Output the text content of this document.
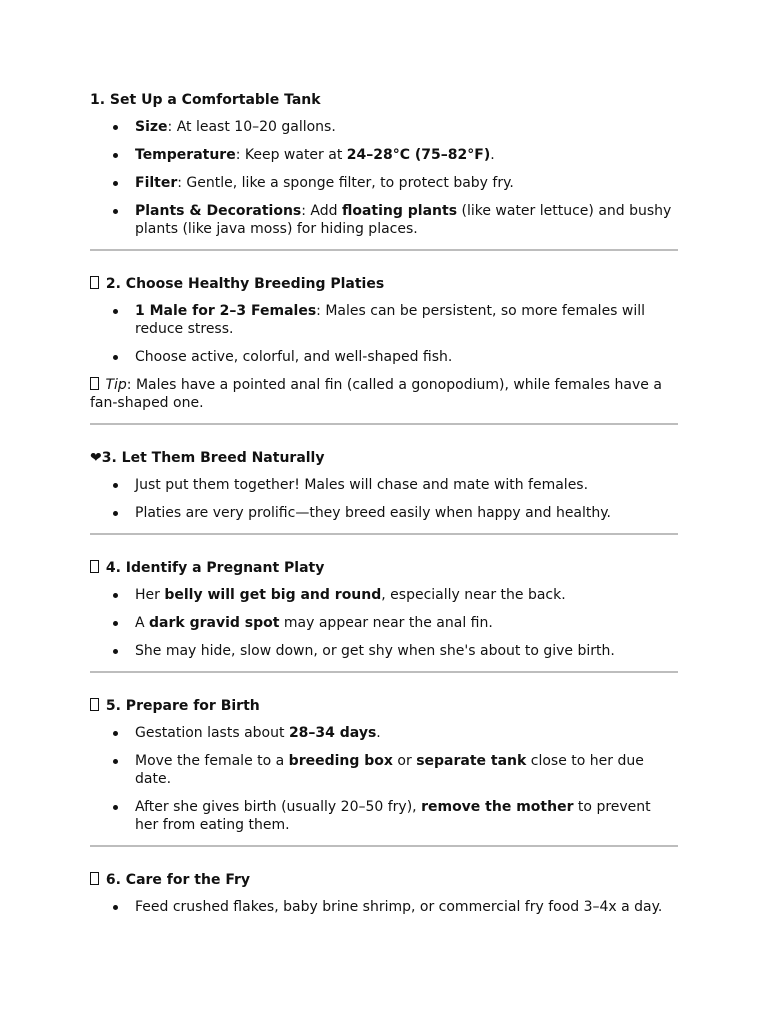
1. Set Up a Comfortable Tank
Size: At least 10–20 gallons.
Temperature: Keep water at 24–28°C (75–82°F).
Filter: Gentle, like a sponge filter, to protect baby fry.
Plants & Decorations: Add floating plants (like water lettuce) and bushy plants (like java moss) for hiding places.
2. Choose Healthy Breeding Platies
1 Male for 2–3 Females: Males can be persistent, so more females will reduce stress.
Choose active, colorful, and well-shaped fish.

Tip: Males have a pointed anal fin (called a gonopodium), while females have a fan-shaped one.

❤3. Let Them Breed Naturally
Just put them together! Males will chase and mate with females.
Platies are very prolific—they breed easily when happy and healthy.
4. Identify a Pregnant Platy
Her belly will get big and round, especially near the back.
A dark gravid spot may appear near the anal fin.
She may hide, slow down, or get shy when she's about to give birth.
5. Prepare for Birth
Gestation lasts about 28–34 days.
Move the female to a breeding box or separate tank close to her due date.
After she gives birth (usually 20–50 fry), remove the mother to prevent her from eating them.
6. Care for the Fry
Feed crushed flakes, baby brine shrimp, or commercial fry food 3–4x a day.
